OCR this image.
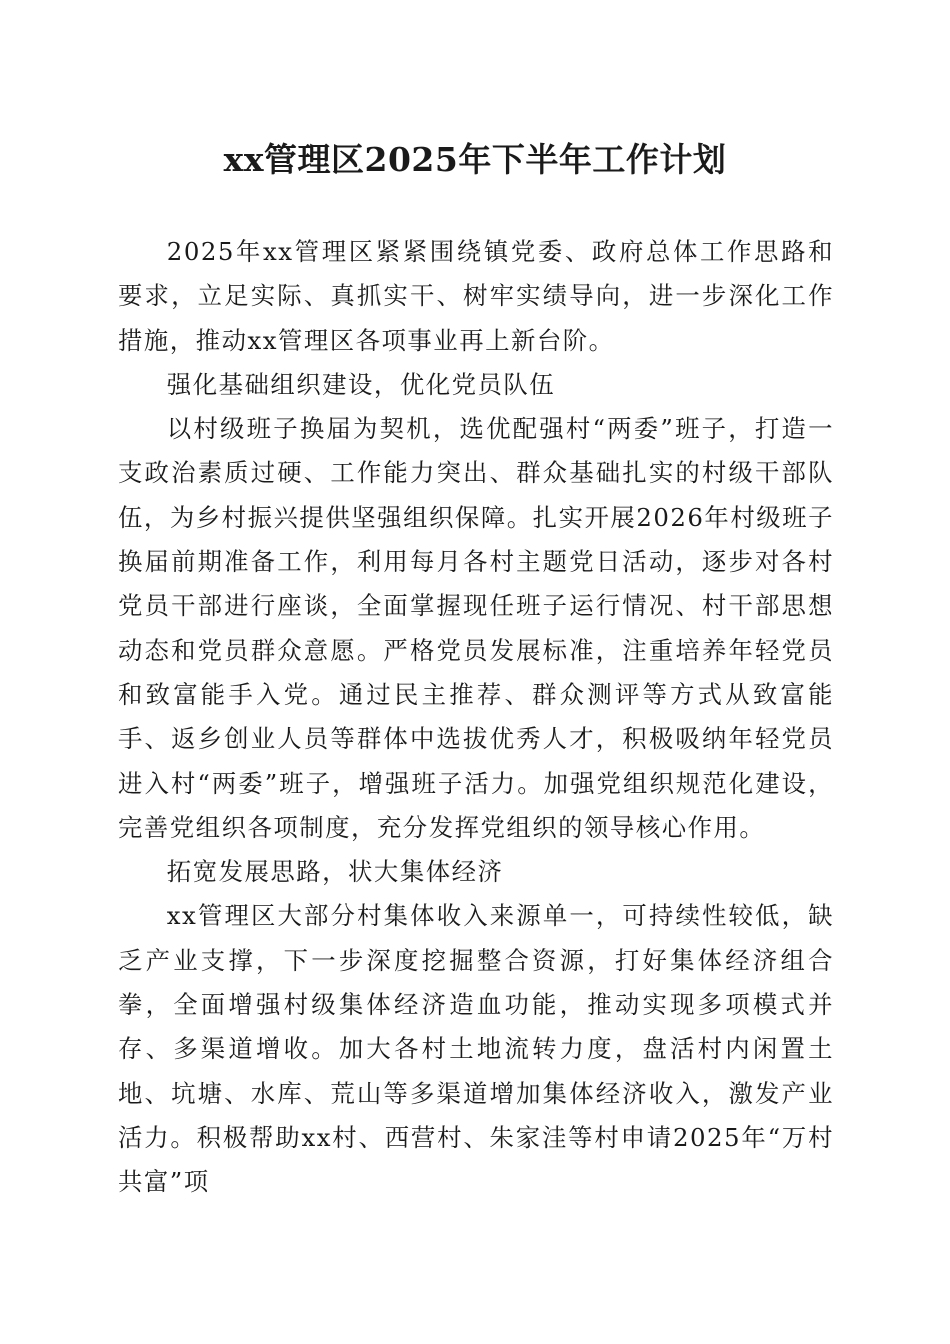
xx管理区2025年下半年工作计划

2025年xx管理区紧紧围绕镇党委、政府总体工作思路和要求，立足实际、真抓实干、树牢实绩导向，进一步深化工作措施，推动xx管理区各项事业再上新台阶。

强化基础组织建设，优化党员队伍

以村级班子换届为契机，选优配强村“两委”班子，打造一支政治素质过硬、工作能力突出、群众基础扎实的村级干部队伍，为乡村振兴提供坚强组织保障。扎实开展2026年村级班子换届前期准备工作，利用每月各村主题党日活动，逐步对各村党员干部进行座谈，全面掌握现任班子运行情况、村干部思想动态和党员群众意愿。严格党员发展标准，注重培养年轻党员和致富能手入党。通过民主推荐、群众测评等方式从致富能手、返乡创业人员等群体中选拔优秀人才，积极吸纳年轻党员进入村“两委”班子，增强班子活力。加强党组织规范化建设，完善党组织各项制度，充分发挥党组织的领导核心作用。

拓宽发展思路，状大集体经济

xx管理区大部分村集体收入来源单一，可持续性较低，缺乏产业支撑，下一步深度挖掘整合资源，打好集体经济组合拳，全面增强村级集体经济造血功能，推动实现多项模式并存、多渠道增收。加大各村土地流转力度，盘活村内闲置土地、坑塘、水库、荒山等多渠道增加集体经济收入，激发产业活力。积极帮助xx村、西营村、朱家洼等村申请2025年“万村共富”项
